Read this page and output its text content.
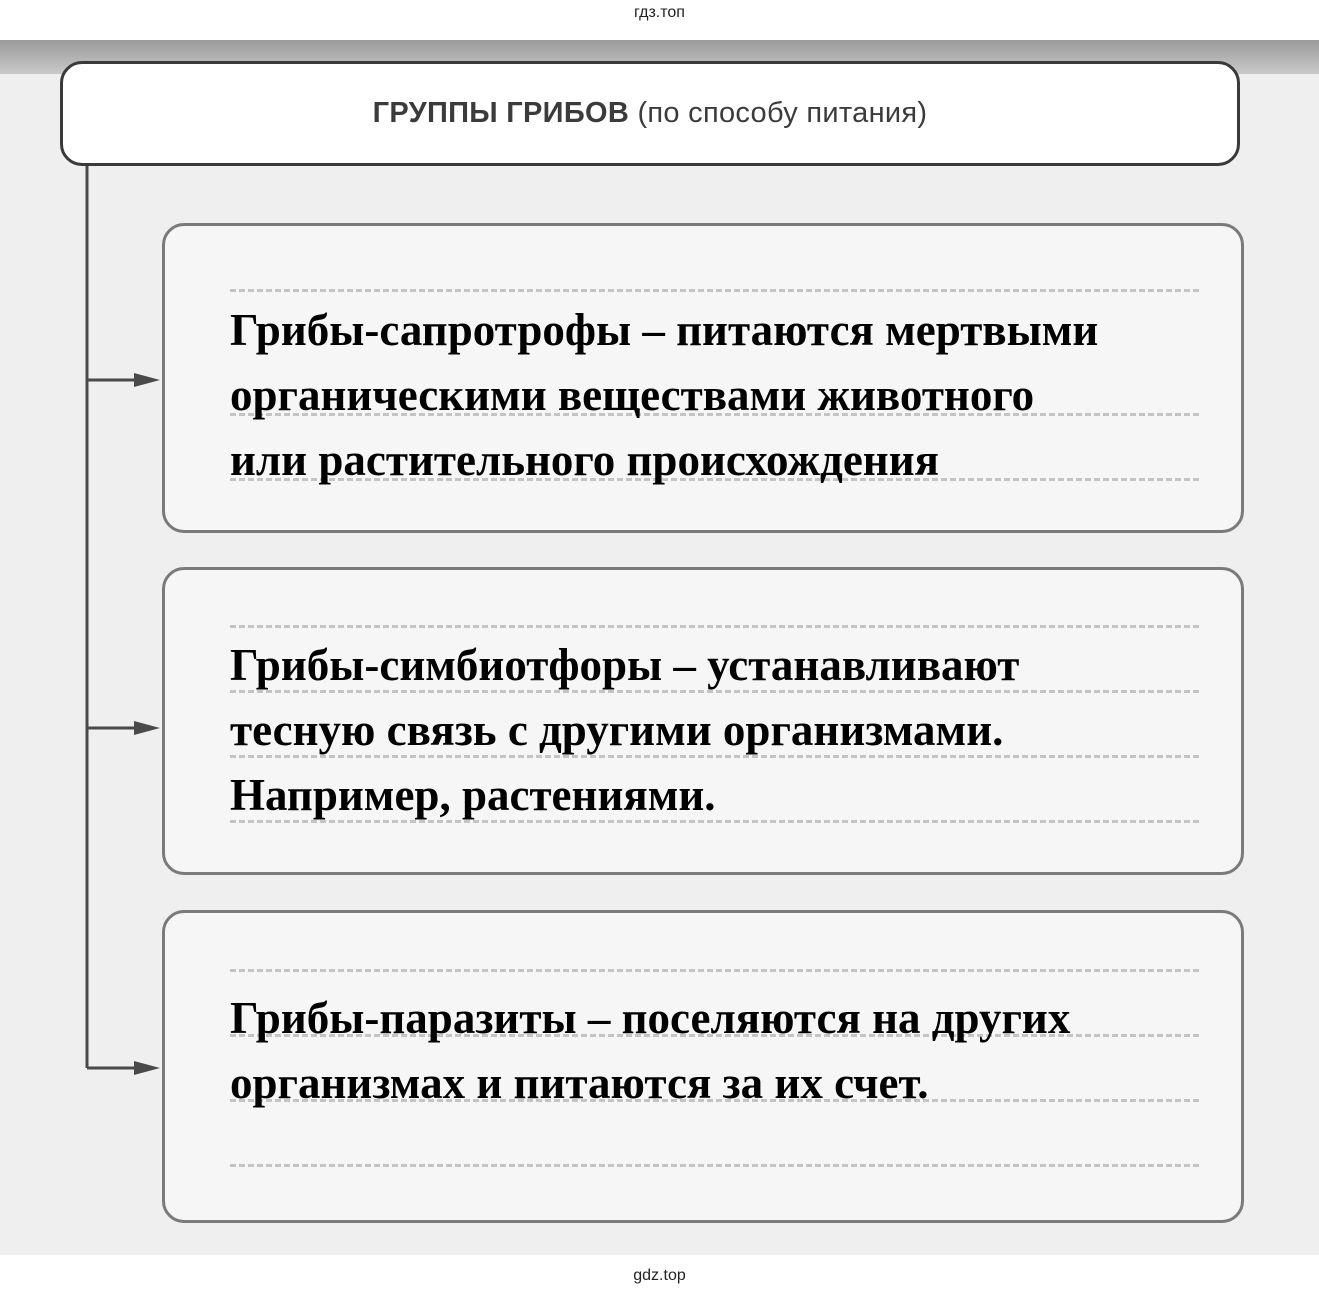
гдз.топ
ГРУППЫ ГРИБОВ (по способу питания)

Грибы-сапротрофы – питаются мертвыми
органическими веществами животного
или растительного происхождения

Грибы-симбиотфоры – устанавливают
тесную связь с другими организмами.
Например, растениями.

Грибы-паразиты – поселяются на других
организмах и питаются за их счет.

gdz.top
